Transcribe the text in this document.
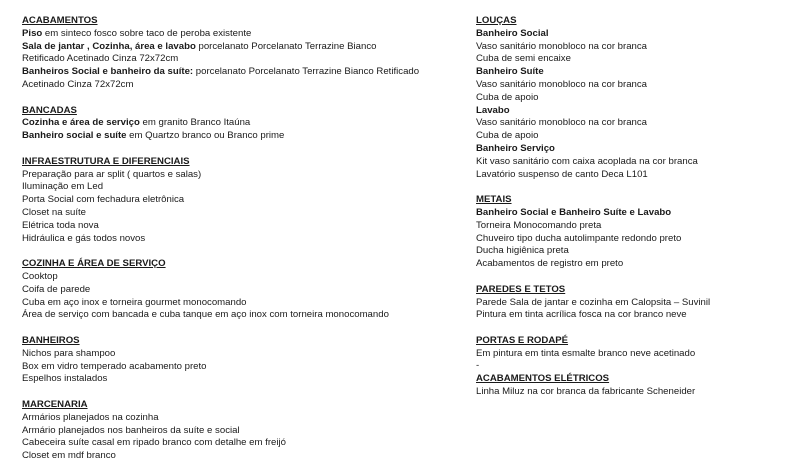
ACABAMENTOS
Piso em sinteco fosco sobre taco de peroba existente
Sala de jantar , Cozinha, área e lavabo porcelanato Porcelanato Terrazine Bianco
Retificado Acetinado Cinza 72x72cm
Banheiros Social e banheiro da suíte: porcelanato Porcelanato Terrazine Bianco Retificado
Acetinado Cinza 72x72cm
BANCADAS
Cozinha e área de serviço em granito Branco Itaúna
Banheiro social e suíte em Quartzo branco ou Branco prime
INFRAESTRUTURA E DIFERENCIAIS
Preparação para ar split ( quartos e salas)
Iluminação em Led
Porta Social com fechadura eletrônica
Closet na suíte
Elétrica toda nova
Hidráulica e gás todos novos
COZINHA E ÁREA DE SERVIÇO
Cooktop
Coifa de parede
Cuba em aço inox e torneira gourmet monocomando
Área de serviço com bancada e cuba tanque em aço inox com torneira monocomando
BANHEIROS
Nichos para shampoo
Box em vidro temperado acabamento preto
Espelhos instalados
MARCENARIA
Armários planejados na cozinha
Armário planejados nos banheiros da suíte e social
Cabeceira suíte casal em ripado branco com detalhe em freijó
Closet em mdf branco
LOUÇAS
Banheiro Social
Vaso sanitário monobloco na cor branca
Cuba de semi encaixe
Banheiro Suíte
Vaso sanitário monobloco na cor branca
Cuba de apoio
Lavabo
Vaso sanitário monobloco na cor branca
Cuba de apoio
Banheiro Serviço
Kit vaso sanitário com caixa acoplada na cor branca
Lavatório suspenso de canto Deca L101
METAIS
Banheiro Social e Banheiro Suíte e Lavabo
Torneira Monocomando preta
Chuveiro tipo ducha autolimpante redondo preto
Ducha higiênica preta
Acabamentos de registro em preto
PAREDES E TETOS
Parede Sala de jantar e cozinha em Calopsita – Suvinil
Pintura em tinta acrílica fosca na cor branco neve
PORTAS E RODAPÉ
Em pintura em tinta esmalte branco neve acetinado
-
ACABAMENTOS ELÉTRICOS
Linha Miluz na cor branca da fabricante Scheneider
